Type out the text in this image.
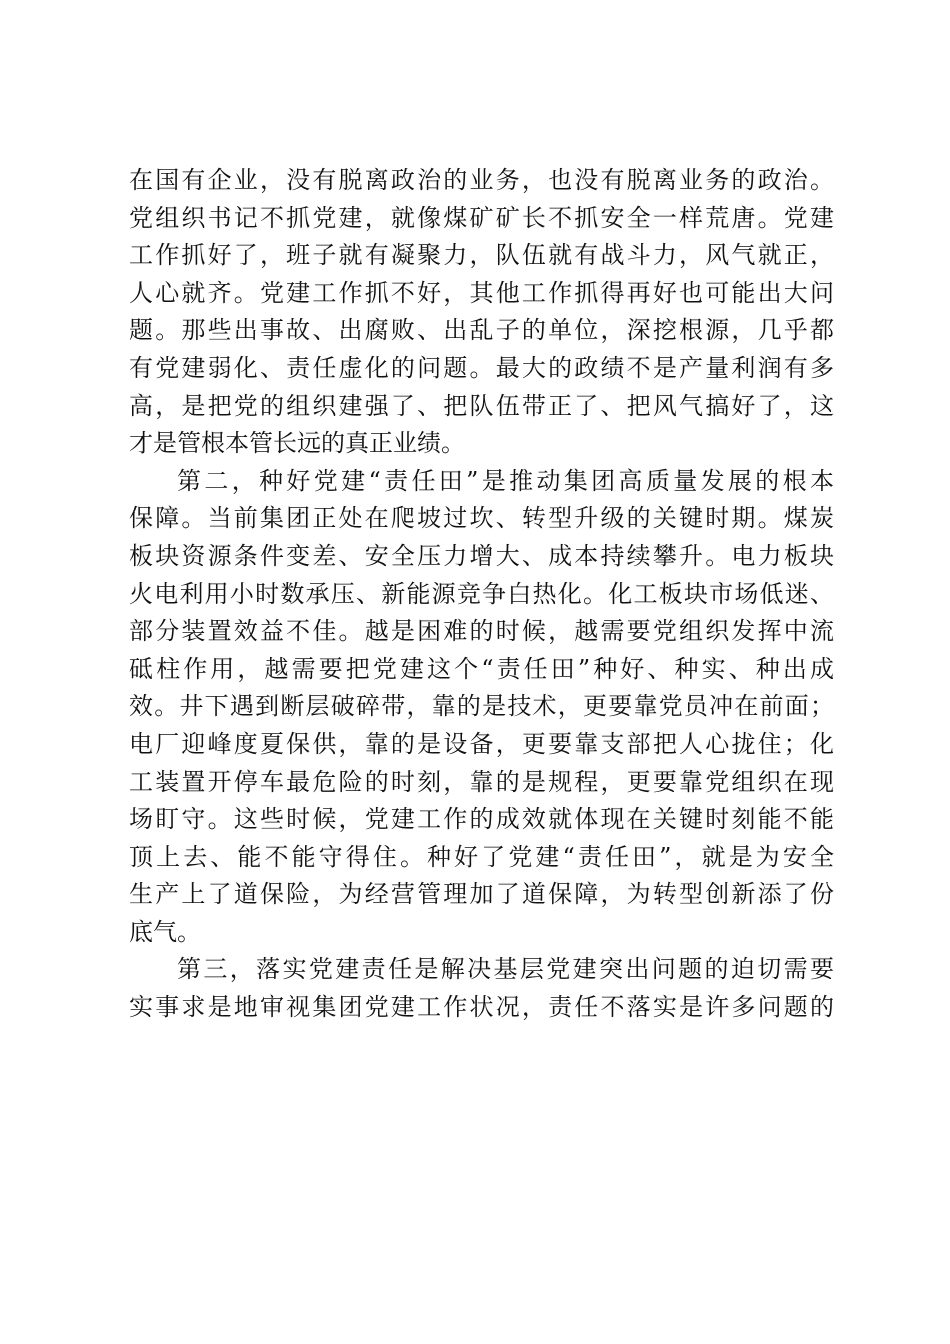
在国有企业，没有脱离政治的业务，也没有脱离业务的政治。
党组织书记不抓党建，就像煤矿矿长不抓安全一样荒唐。党建
工作抓好了，班子就有凝聚力，队伍就有战斗力，风气就正，
人心就齐。党建工作抓不好，其他工作抓得再好也可能出大问
题。那些出事故、出腐败、出乱子的单位，深挖根源，几乎都
有党建弱化、责任虚化的问题。最大的政绩不是产量利润有多
高，是把党的组织建强了、把队伍带正了、把风气搞好了，这
才是管根本管长远的真正业绩。
第二，种好党建“责任田”是推动集团高质量发展的根本
保障。当前集团正处在爬坡过坎、转型升级的关键时期。煤炭
板块资源条件变差、安全压力增大、成本持续攀升。电力板块
火电利用小时数承压、新能源竞争白热化。化工板块市场低迷、
部分装置效益不佳。越是困难的时候，越需要党组织发挥中流
砥柱作用，越需要把党建这个“责任田”种好、种实、种出成
效。井下遇到断层破碎带，靠的是技术，更要靠党员冲在前面；
电厂迎峰度夏保供，靠的是设备，更要靠支部把人心拢住；化
工装置开停车最危险的时刻，靠的是规程，更要靠党组织在现
场盯守。这些时候，党建工作的成效就体现在关键时刻能不能
顶上去、能不能守得住。种好了党建“责任田”，就是为安全
生产上了道保险，为经营管理加了道保障，为转型创新添了份
底气。
第三，落实党建责任是解决基层党建突出问题的迫切需要
实事求是地审视集团党建工作状况，责任不落实是许多问题的
